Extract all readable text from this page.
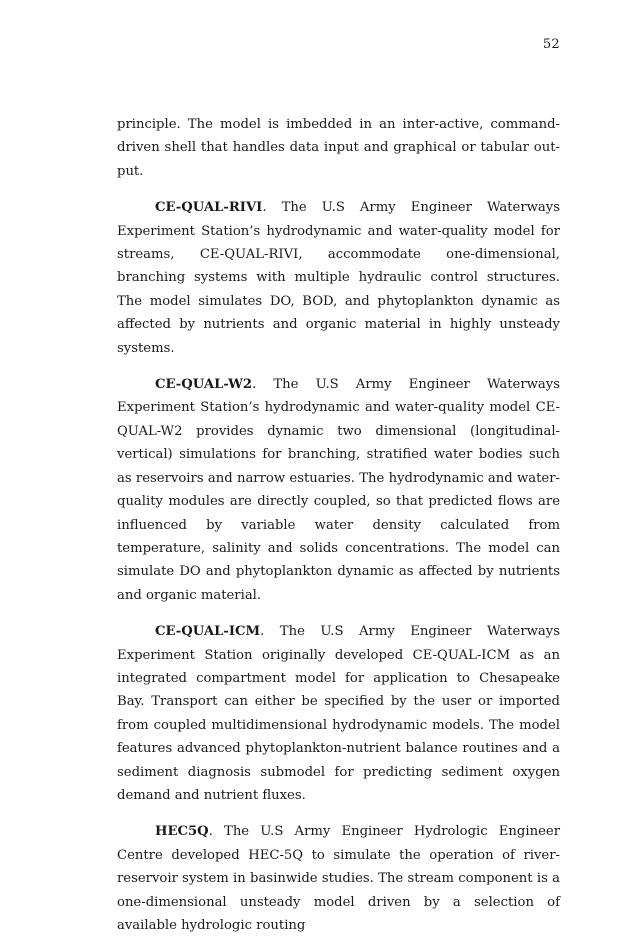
52

principle. The model is imbedded in an inter-active, command-driven shell that handles data input and graphical or tabular out-put.

CE-QUAL-RIVI. The U.S Army Engineer Waterways Experiment Station’s hydrodynamic and water-quality model for streams, CE-QUAL-RIVI, accommodate one-dimensional, branching systems with multiple hydraulic control structures. The model simulates DO, BOD, and phytoplankton dynamic as affected by nutrients and organic material in highly unsteady systems.

CE-QUAL-W2. The U.S Army Engineer Waterways Experiment Station’s hydrodynamic and water-quality model CE-QUAL-W2 provides dynamic two dimensional (longitudinal- vertical) simulations for branching, stratified water bodies such as reservoirs and narrow estuaries. The hydrodynamic and water-quality modules are directly coupled, so that predicted flows are influenced by variable water density calculated from temperature, salinity and solids concentrations. The model can simulate DO and phytoplankton dynamic as affected by nutrients and organic material.

CE-QUAL-ICM. The U.S Army Engineer Waterways Experiment Station originally developed CE-QUAL-ICM as an integrated compartment model for application to Chesapeake Bay. Transport can either be specified by the user or imported from coupled multidimensional hydrodynamic models. The model features advanced phytoplankton-nutrient balance routines and a sediment diagnosis submodel for predicting sediment oxygen demand and nutrient fluxes.

HEC5Q. The U.S Army Engineer Hydrologic Engineer Centre developed HEC-5Q to simulate the operation of river-reservoir system in basinwide studies. The stream component is a one-dimensional unsteady model driven by a selection of available hydrologic routing
